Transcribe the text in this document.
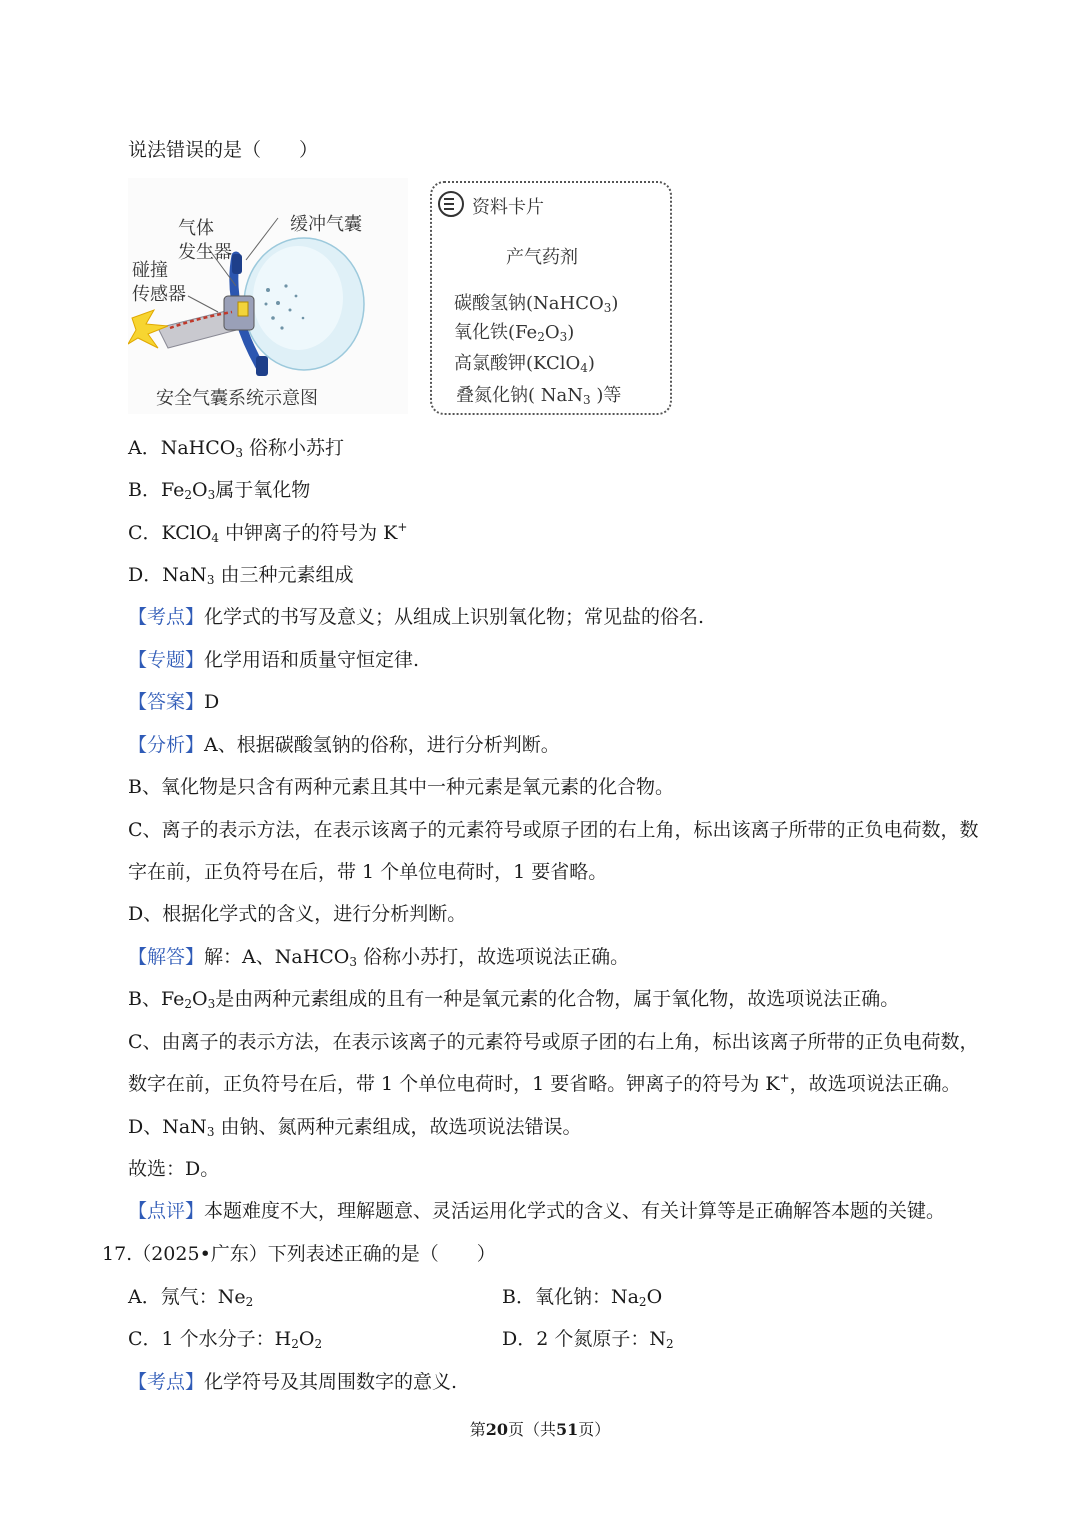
说法错误的是（　　）
气体
发生器
缓冲气囊
碰撞
传感器
安全气囊系统示意图
资料卡片
产气药剂
碳酸氢钠(NaHCO$_3$)
氧化铁$(Fe_2O_3)$
高氯酸钾(KClO$_4$)
叠氮化钠( NaN$_3$ )等
A．NaHCO$_3$ 俗称小苏打
B．$Fe_2O_3$属于氧化物
C．KClO$_4$ 中钾离子的符号为 K+
D．NaN$_3$ 由三种元素组成
【考点】化学式的书写及意义；从组成上识别氧化物；常见盐的俗名.
【专题】化学用语和质量守恒定律.
【答案】D
【分析】A、根据碳酸氢钠的俗称，进行分析判断。
B、氧化物是只含有两种元素且其中一种元素是氧元素的化合物。
C、离子的表示方法，在表示该离子的元素符号或原子团的右上角，标出该离子所带的正负电荷数，数
字在前，正负符号在后，带 1 个单位电荷时，1 要省略。
D、根据化学式的含义，进行分析判断。
【解答】解：A、NaHCO$_3$ 俗称小苏打，故选项说法正确。
B、$Fe_2O_3$是由两种元素组成的且有一种是氧元素的化合物，属于氧化物，故选项说法正确。
C、由离子的表示方法，在表示该离子的元素符号或原子团的右上角，标出该离子所带的正负电荷数，
数字在前，正负符号在后，带 1 个单位电荷时，1 要省略。钾离子的符号为 K+，故选项说法正确。
D、NaN$_3$ 由钠、氮两种元素组成，故选项说法错误。
故选：D。
【点评】本题难度不大，理解题意、灵活运用化学式的含义、有关计算等是正确解答本题的关键。
17.（2025•广东）下列表述正确的是（　　）
A．氖气：$Ne_2$	B．氧化钠：$Na_2O$
C．1 个水分子：$H_2O_2$	D．2 个氮原子：$N_2$
【考点】化学符号及其周围数字的意义.
第20页（共51页）
